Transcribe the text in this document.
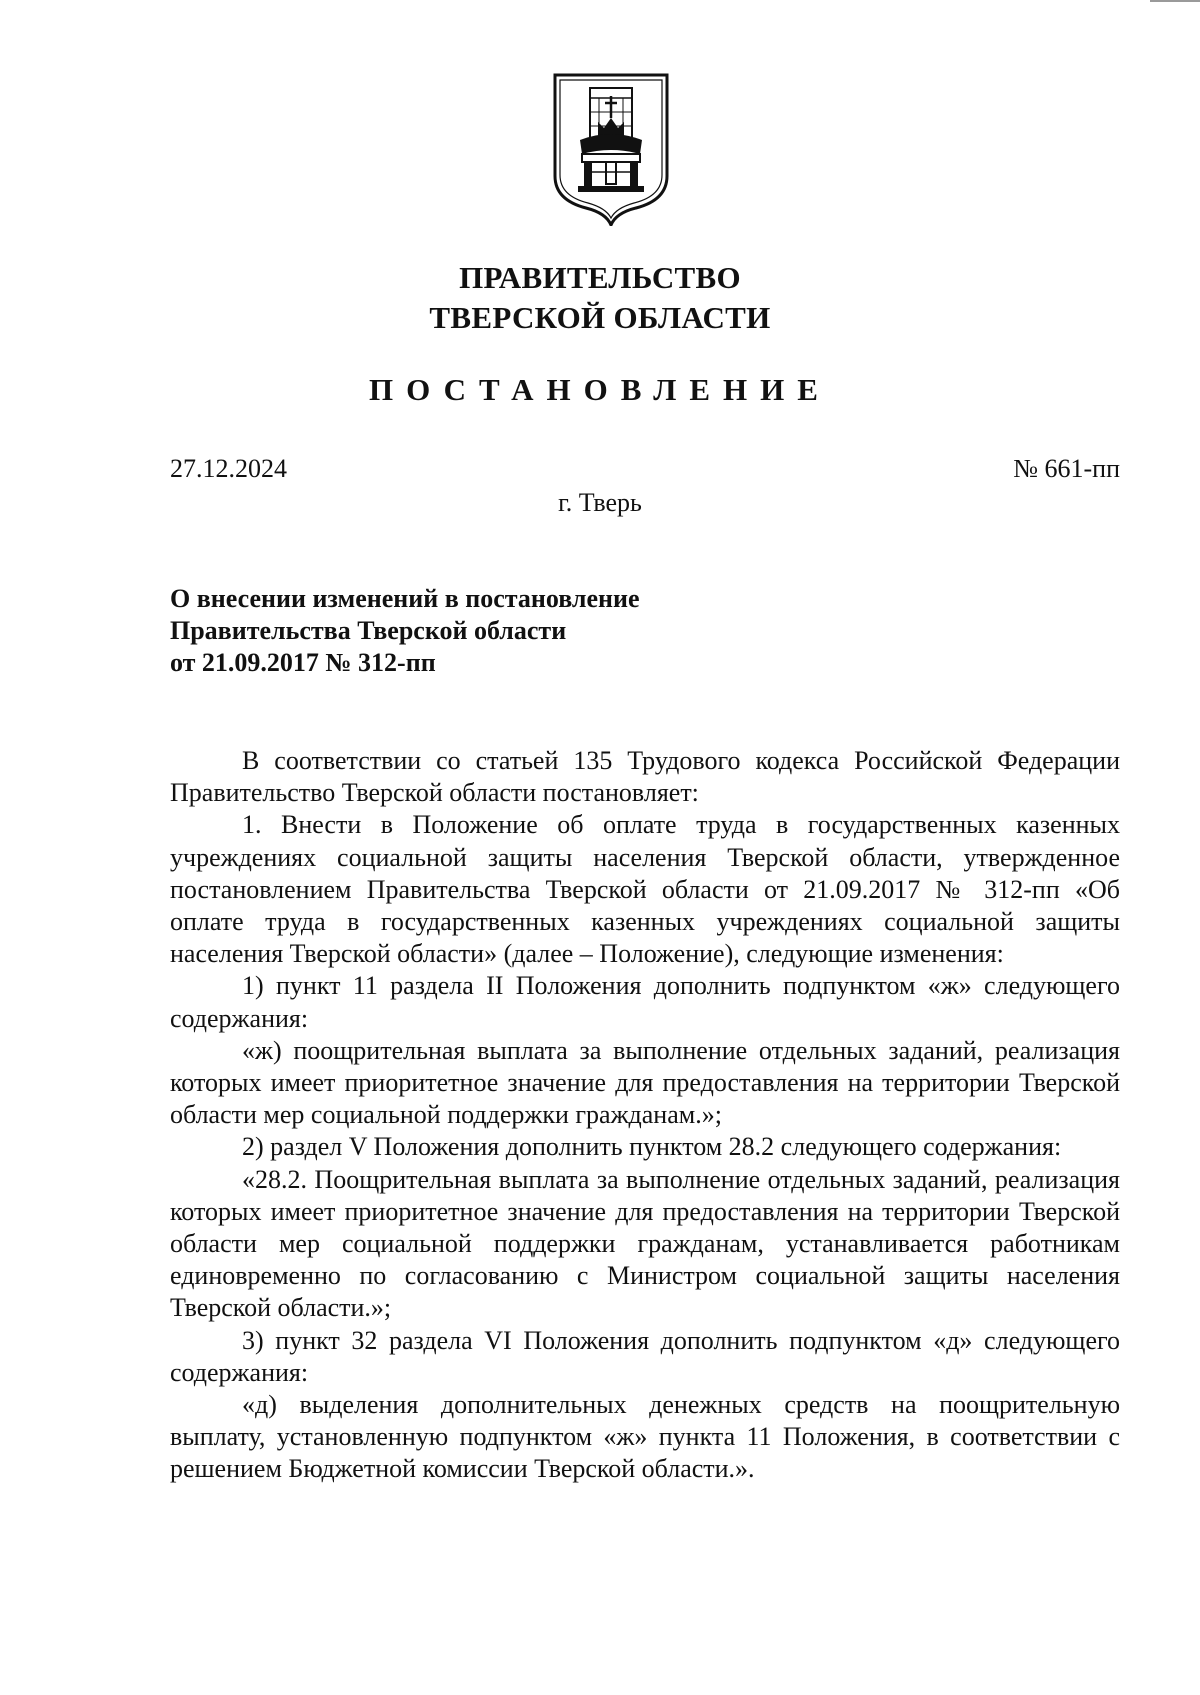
ПРАВИТЕЛЬСТВО
ТВЕРСКОЙ ОБЛАСТИ
ПОСТАНОВЛЕНИЕ
27.12.2024	№ 661-пп
г. Тверь
О внесении изменений в постановление
Правительства Тверской области
от 21.09.2017 № 312-пп

В соответствии со статьей 135 Трудового кодекса Российской Федерации Правительство Тверской области постановляет:

1. Внести в Положение об оплате труда в государственных казенных учреждениях социальной защиты населения Тверской области, утвержденное постановлением Правительства Тверской области от 21.09.2017 № 312-пп «Об оплате труда в государственных казенных учреждениях социальной защиты населения Тверской области» (далее – Положение), следующие изменения:

1) пункт 11 раздела II Положения дополнить подпунктом «ж» следующего содержания:

«ж) поощрительная выплата за выполнение отдельных заданий, реализация которых имеет приоритетное значение для предоставления на территории Тверской области мер социальной поддержки гражданам.»;

2) раздел V Положения дополнить пунктом 28.2 следующего содержания:

«28.2. Поощрительная выплата за выполнение отдельных заданий, реализация которых имеет приоритетное значение для предоставления на территории Тверской области мер социальной поддержки гражданам, устанавливается работникам единовременно по согласованию с Министром социальной защиты населения Тверской области.»;

3) пункт 32 раздела VI Положения дополнить подпунктом «д» следующего содержания:

«д) выделения дополнительных денежных средств на поощрительную выплату, установленную подпунктом «ж» пункта 11 Положения, в соответствии с решением Бюджетной комиссии Тверской области.».
